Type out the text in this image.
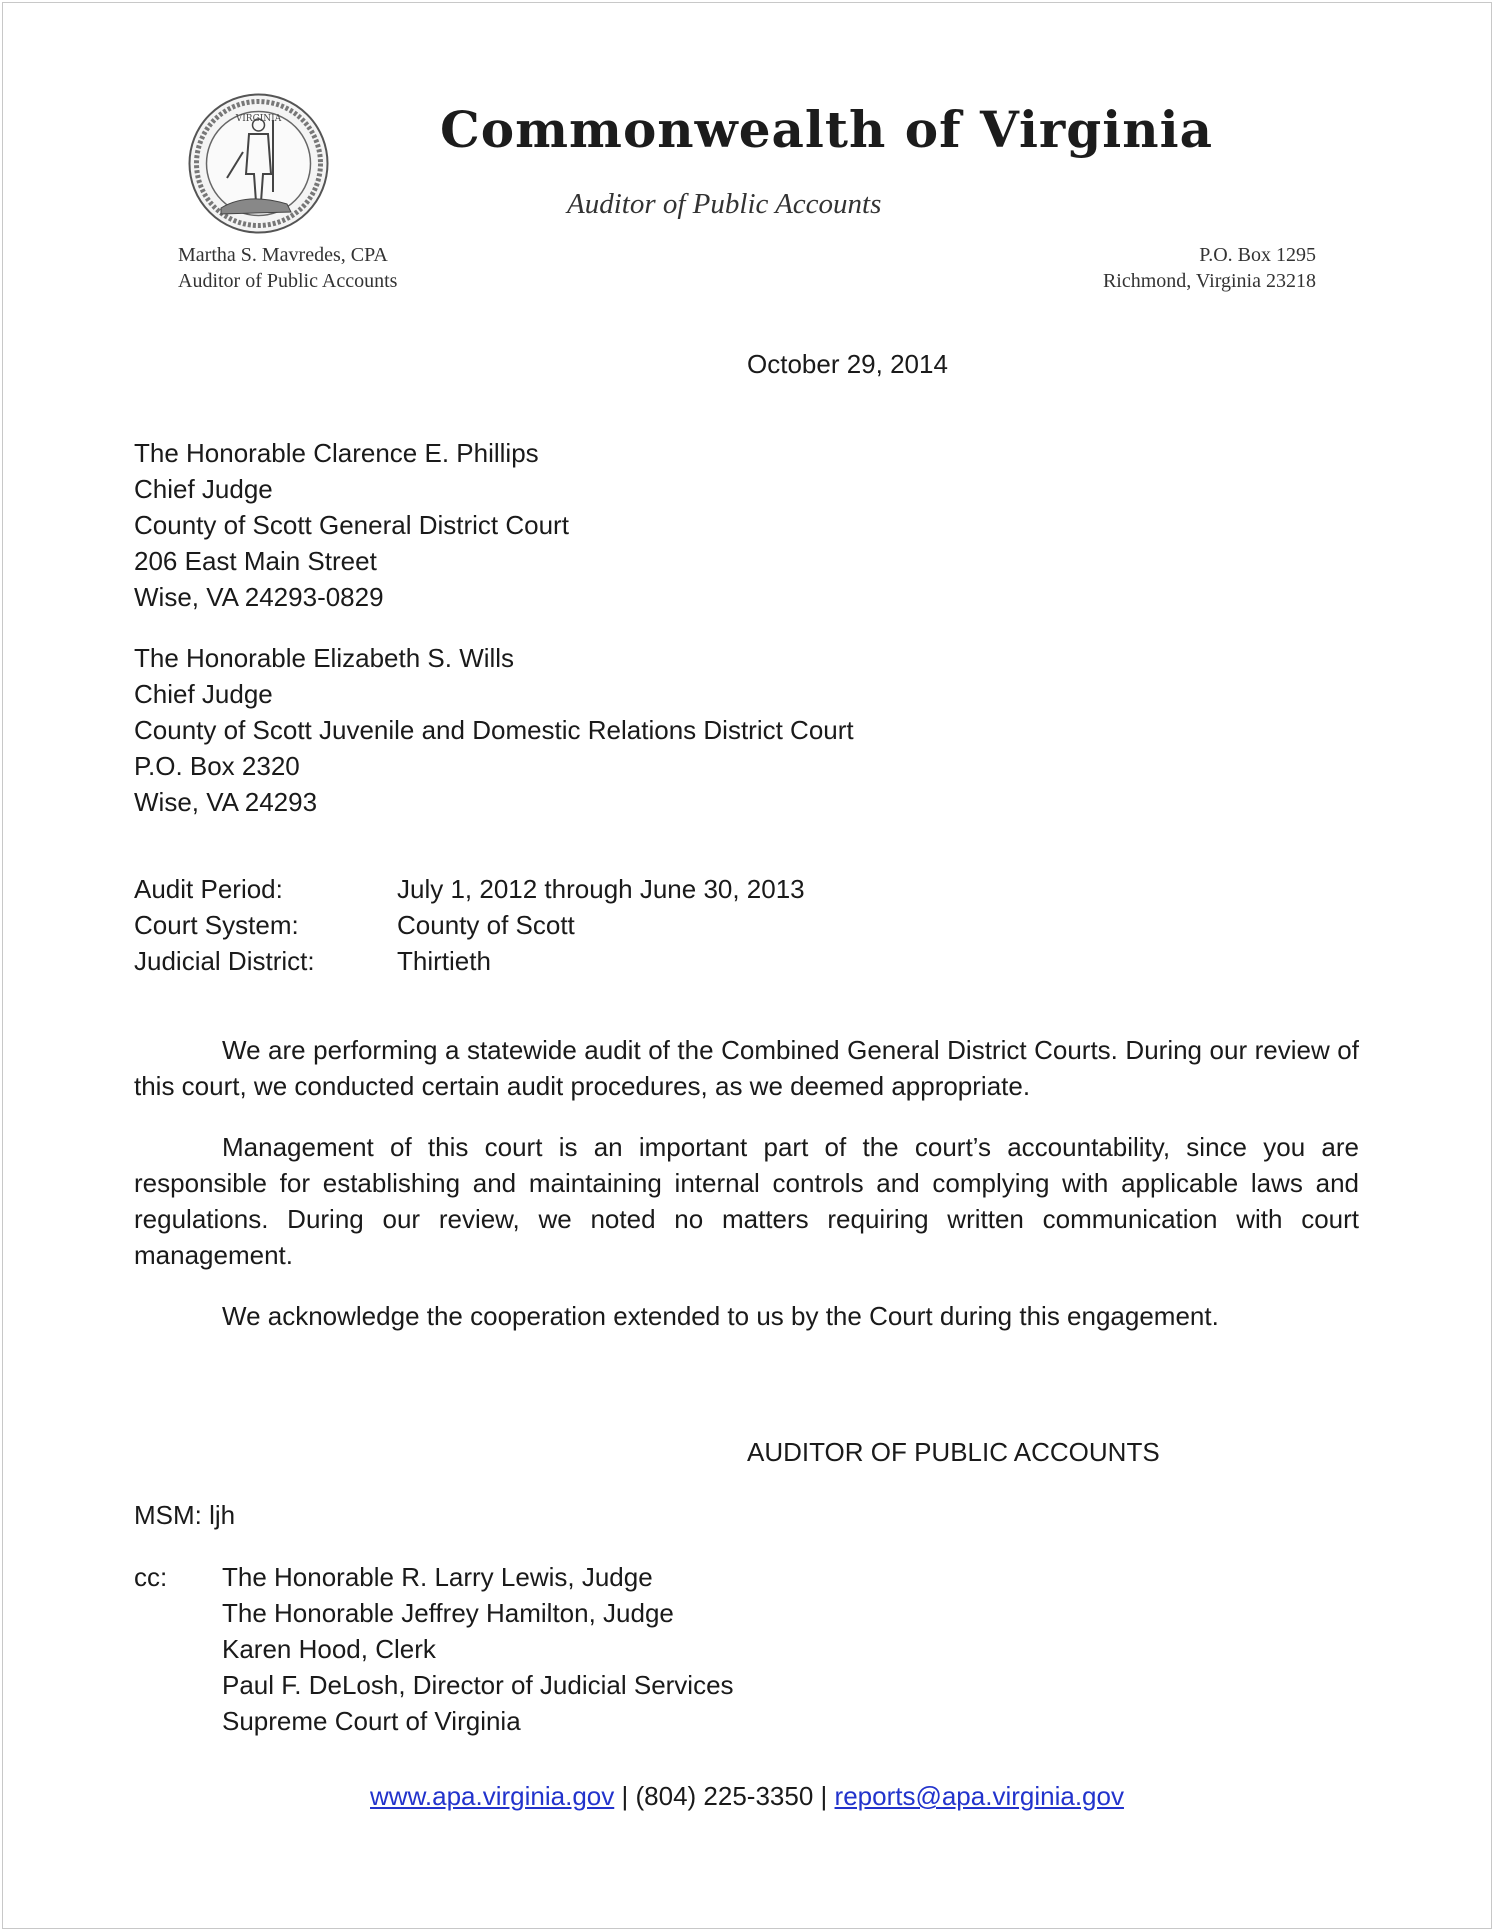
VIRGINIA	Commonwealth of Virginia
Auditor of Public Accounts
Martha S. Mavredes, CPA
Auditor of Public Accounts
P.O. Box 1295
Richmond, Virginia 23218
October 29, 2014
The Honorable Clarence E. Phillips
Chief Judge
County of Scott General District Court
206 East Main Street
Wise, VA 24293-0829
The Honorable Elizabeth S. Wills
Chief Judge
County of Scott Juvenile and Domestic Relations District Court
P.O. Box 2320
Wise, VA 24293
Audit Period:	July 1, 2012 through June 30, 2013
Court System:	County of Scott
Judicial District:	Thirtieth

We are performing a statewide audit of the Combined General District Courts. During our review of this court, we conducted certain audit procedures, as we deemed appropriate.

Management of this court is an important part of the court’s accountability, since you are responsible for establishing and maintaining internal controls and complying with applicable laws and regulations. During our review, we noted no matters requiring written communication with court management.

We acknowledge the cooperation extended to us by the Court during this engagement.

AUDITOR OF PUBLIC ACCOUNTS
MSM: ljh
cc: The Honorable R. Larry Lewis, Judge
The Honorable Jeffrey Hamilton, Judge
Karen Hood, Clerk
Paul F. DeLosh, Director of Judicial Services
Supreme Court of Virginia
www.apa.virginia.gov | (804) 225-3350 | reports@apa.virginia.gov
